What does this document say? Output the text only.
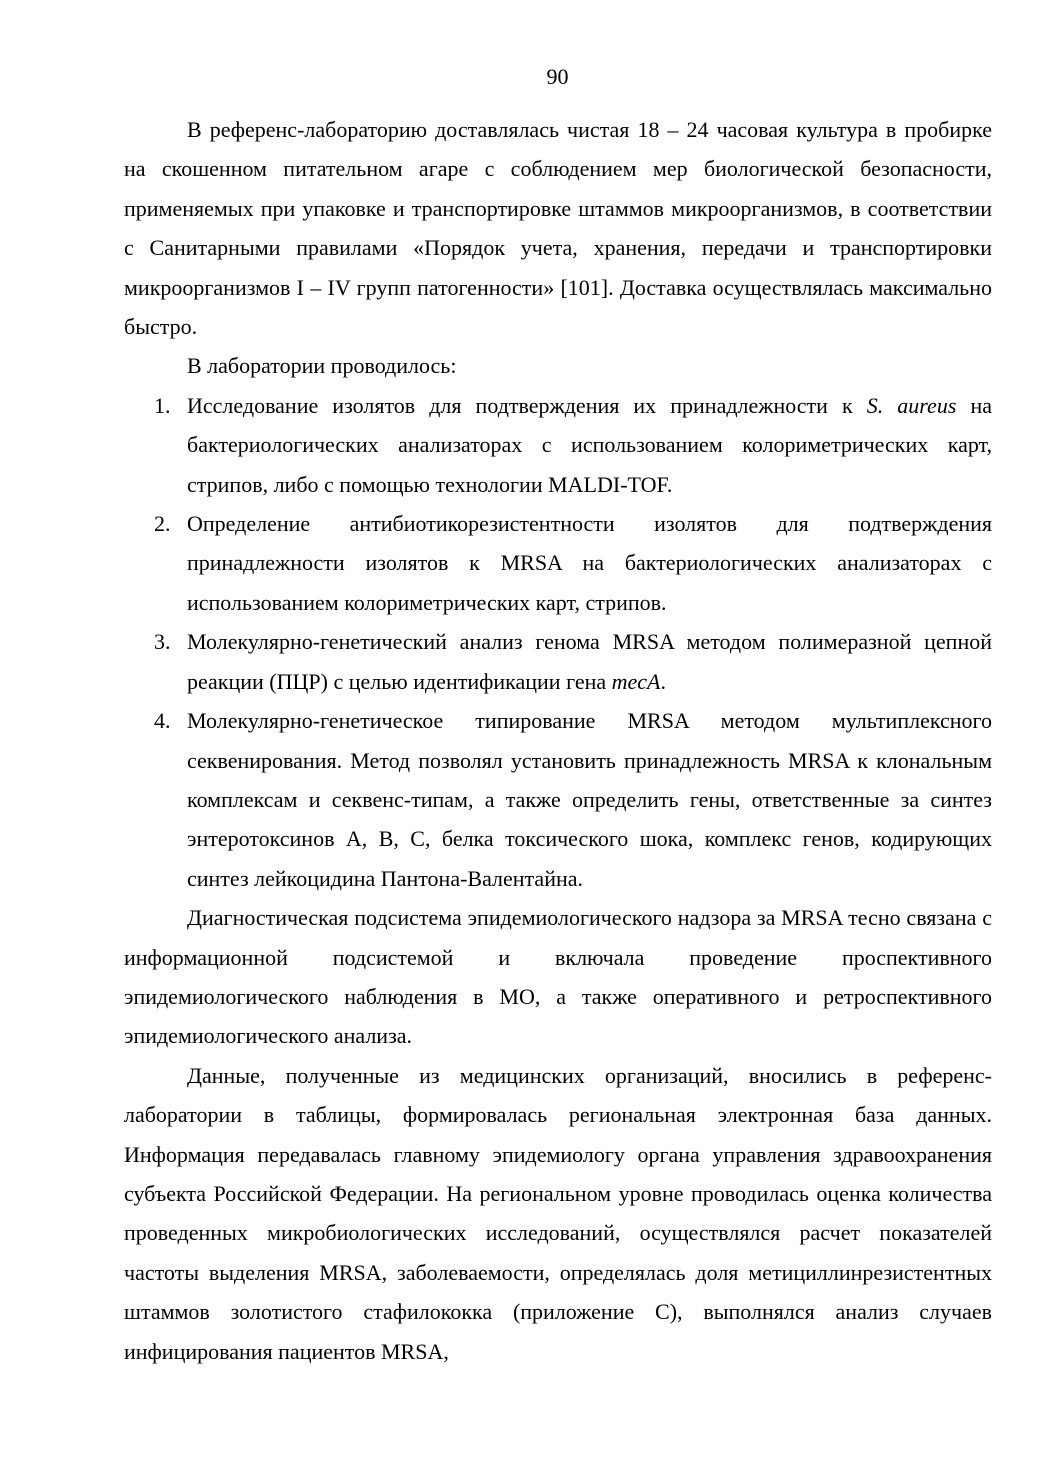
90

В референс-лабораторию доставлялась чистая 18 – 24 часовая культура в пробирке на скошенном питательном агаре с соблюдением мер биологической безопасности, применяемых при упаковке и транспортировке штаммов микроорганизмов, в соответствии с Санитарными правилами «Порядок учета, хранения, передачи и транспортировки микроорганизмов I – IV групп патогенности» [101]. Доставка осуществлялась максимально быстро.

В лаборатории проводилось:

1. Исследование изолятов для подтверждения их принадлежности к S. aureus на бактериологических анализаторах с использованием колориметрических карт, стрипов, либо с помощью технологии MALDI-TOF.
2. Определение антибиотикорезистентности изолятов для подтверждения принадлежности изолятов к MRSA на бактериологических анализаторах с использованием колориметрических карт, стрипов.
3. Молекулярно-генетический анализ генома MRSA методом полимеразной цепной реакции (ПЦР) с целью идентификации гена mecA.
4. Молекулярно-генетическое типирование MRSA методом мультиплексного секвенирования. Метод позволял установить принадлежность MRSA к клональным комплексам и секвенс-типам, а также определить гены, ответственные за синтез энтеротоксинов А, В, С, белка токсического шока, комплекс генов, кодирующих синтез лейкоцидина Пантона-Валентайна.

Диагностическая подсистема эпидемиологического надзора за MRSA тесно связана с информационной подсистемой и включала проведение проспективного эпидемиологического наблюдения в МО, а также оперативного и ретроспективного эпидемиологического анализа.

Данные, полученные из медицинских организаций, вносились в референс-лаборатории в таблицы, формировалась региональная электронная база данных. Информация передавалась главному эпидемиологу органа управления здравоохранения субъекта Российской Федерации. На региональном уровне проводилась оценка количества проведенных микробиологических исследований, осуществлялся расчет показателей частоты выделения MRSA, заболеваемости, определялась доля метициллинрезистентных штаммов золотистого стафилококка (приложение С), выполнялся анализ случаев инфицирования пациентов MRSA,
